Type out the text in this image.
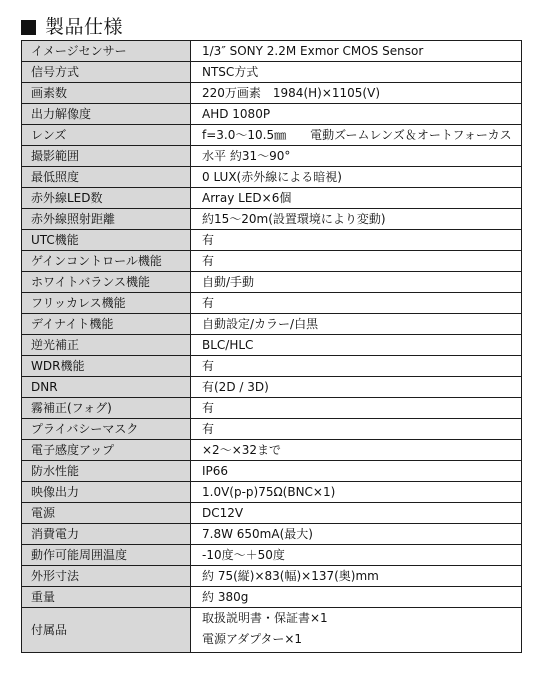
製品仕様
イメージセンサー	1/3″ SONY 2.2M Exmor CMOS Sensor
信号方式	NTSC方式
画素数	220万画素　1984(H)×1105(V)
出力解像度	AHD 1080P
レンズ	f=3.0～10.5㎜　　電動ズームレンズ＆オートフォーカス
撮影範囲	水平 約31～90°
最低照度	0 LUX(赤外線による暗視)
赤外線LED数	Array LED×6個
赤外線照射距離	約15～20m(設置環境により変動)
UTC機能	有
ゲインコントロール機能	有
ホワイトバランス機能	自動/手動
フリッカレス機能	有
デイナイト機能	自動設定/カラー/白黒
逆光補正	BLC/HLC
WDR機能	有
DNR	有(2D / 3D)
霧補正(フォグ)	有
プライバシーマスク	有
電子感度アップ	×2～×32まで
防水性能	IP66
映像出力	1.0V(p-p)75Ω(BNC×1)
電源	DC12V
消費電力	7.8W 650mA(最大)
動作可能周囲温度	-10度～＋50度
外形寸法	約 75(縦)×83(幅)×137(奥)mm
重量	約 380g
付属品	取扱説明書・保証書×1
電源アダプター×1
